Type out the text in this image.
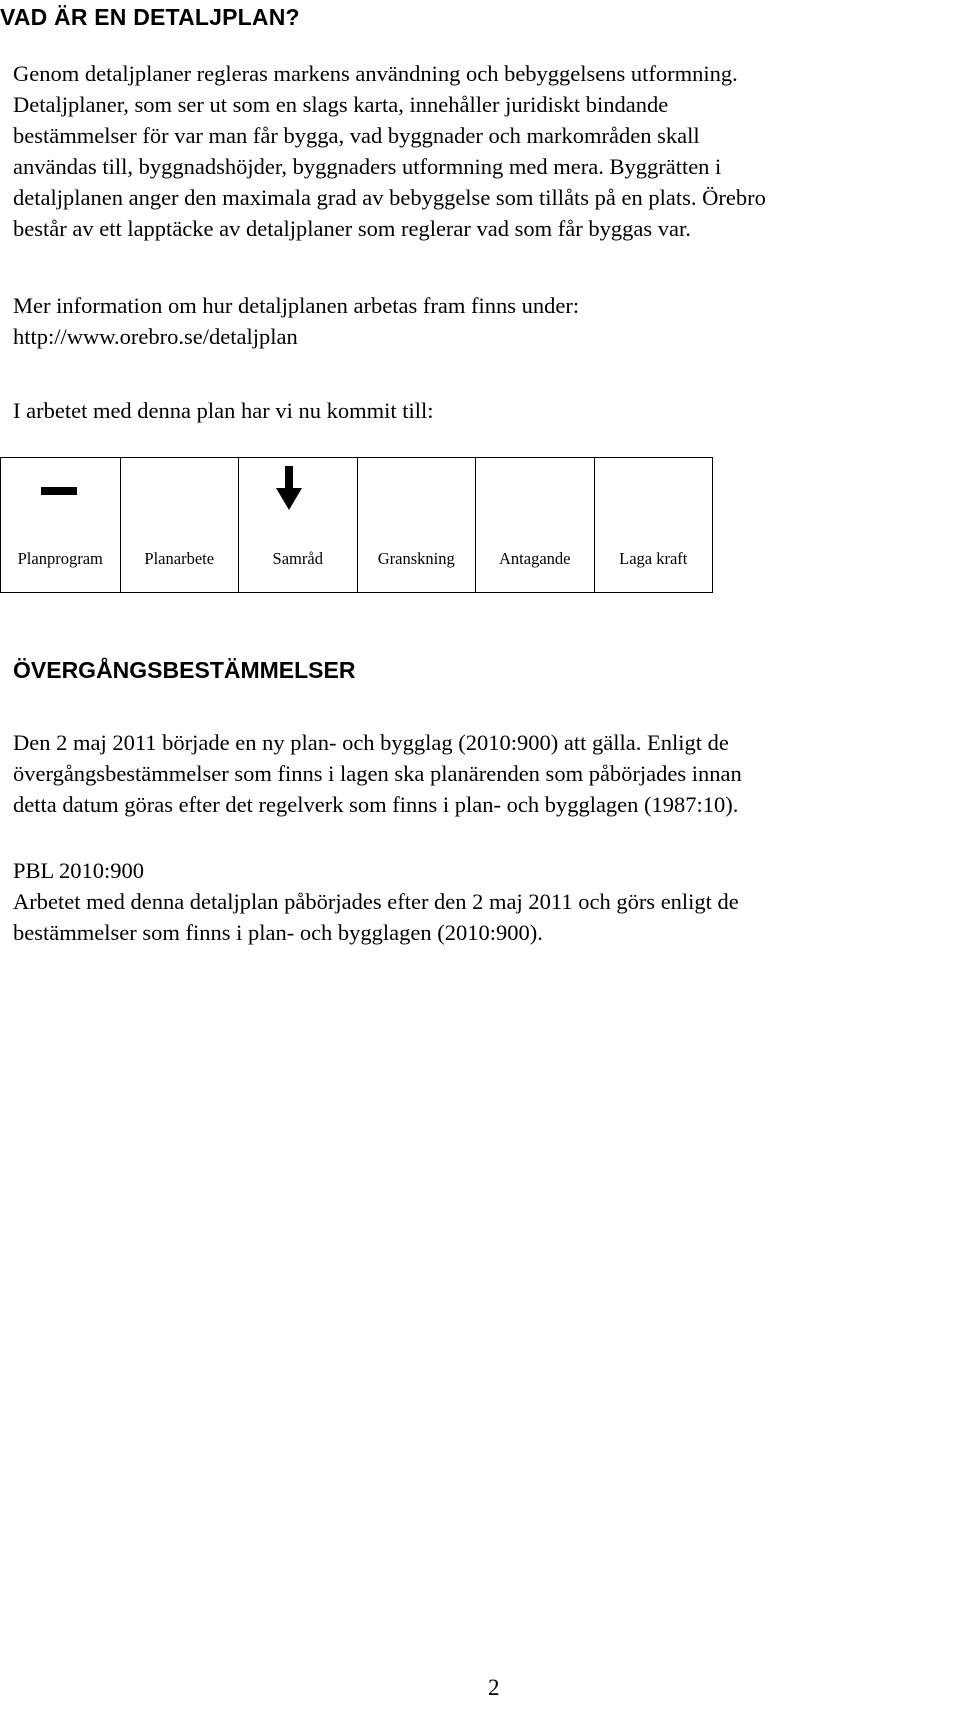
VAD ÄR EN DETALJPLAN?
Genom detaljplaner regleras markens användning och bebyggelsens utformning.
Detaljplaner, som ser ut som en slags karta, innehåller juridiskt bindande
bestämmelser för var man får bygga, vad byggnader och markområden skall
användas till, byggnadshöjder, byggnaders utformning med mera. Byggrätten i
detaljplanen anger den maximala grad av bebyggelse som tillåts på en plats. Örebro
består av ett lapptäcke av detaljplaner som reglerar vad som får byggas var.
Mer information om hur detaljplanen arbetas fram finns under:
http://www.orebro.se/detaljplan
I arbetet med denna plan har vi nu kommit till:
Planprogram	Planarbete	Samråd	Granskning	Antagande	Laga kraft
ÖVERGÅNGSBESTÄMMELSER
Den 2 maj 2011 började en ny plan- och bygglag (2010:900) att gälla. Enligt de
övergångsbestämmelser som finns i lagen ska planärenden som påbörjades innan
detta datum göras efter det regelverk som finns i plan- och bygglagen (1987:10).
PBL 2010:900
Arbetet med denna detaljplan påbörjades efter den 2 maj 2011 och görs enligt de
bestämmelser som finns i plan- och bygglagen (2010:900).
2
